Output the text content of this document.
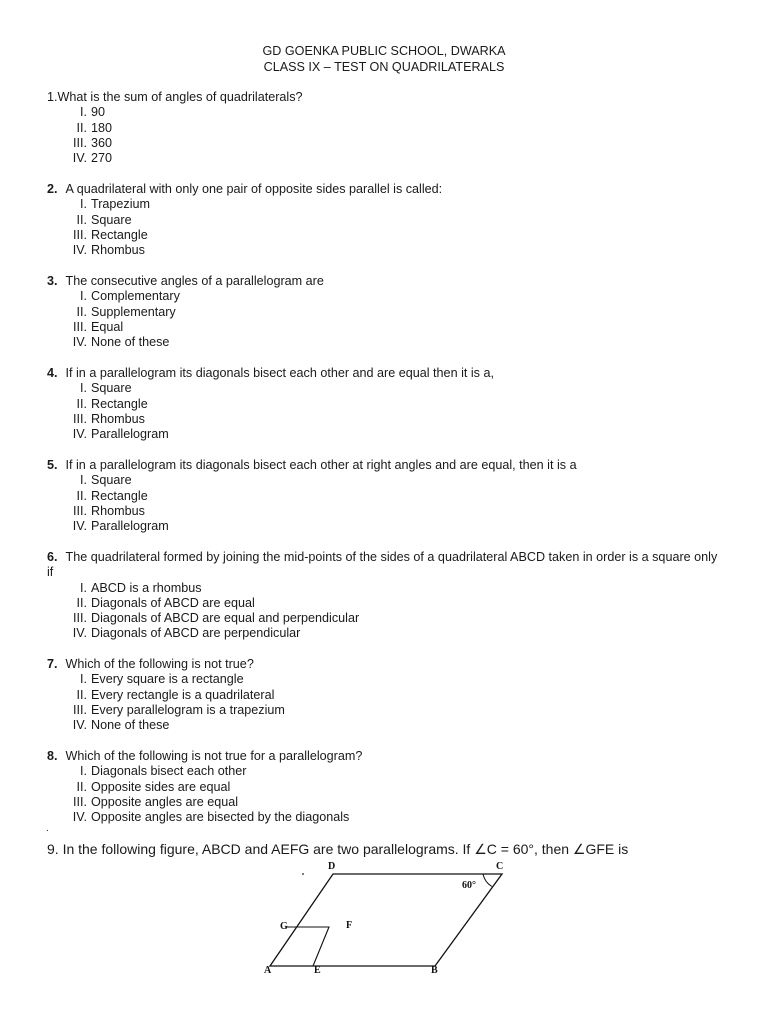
GD GOENKA PUBLIC SCHOOL, DWARKA
CLASS IX – TEST ON QUADRILATERALS
1.What is the sum of angles of quadrilaterals?
I. 90
II. 180
III. 360
IV. 270
2. A quadrilateral with only one pair of opposite sides parallel is called:
I. Trapezium
II. Square
III. Rectangle
IV. Rhombus
3. The consecutive angles of a parallelogram are
I. Complementary
II. Supplementary
III. Equal
IV. None of these
4. If in a parallelogram its diagonals bisect each other and are equal then it is a,
I. Square
II. Rectangle
III. Rhombus
IV. Parallelogram
5. If in a parallelogram its diagonals bisect each other at right angles and are equal, then it is a
I. Square
II. Rectangle
III. Rhombus
IV. Parallelogram
6. The quadrilateral formed by joining the mid-points of the sides of a quadrilateral ABCD taken in order is a square only if
I. ABCD is a rhombus
II. Diagonals of ABCD are equal
III. Diagonals of ABCD are equal and perpendicular
IV. Diagonals of ABCD are perpendicular
7. Which of the following is not true?
I. Every square is a rectangle
II. Every rectangle is a quadrilateral
III. Every parallelogram is a trapezium
IV. None of these
8. Which of the following is not true for a parallelogram?
I. Diagonals bisect each other
II. Opposite sides are equal
III. Opposite angles are equal
IV. Opposite angles are bisected by the diagonals
.
9. In the following figure, ABCD and AEFG are two parallelograms. If ∠C = 60°, then ∠GFE is
D	C
60°
G	F
A	E	B
